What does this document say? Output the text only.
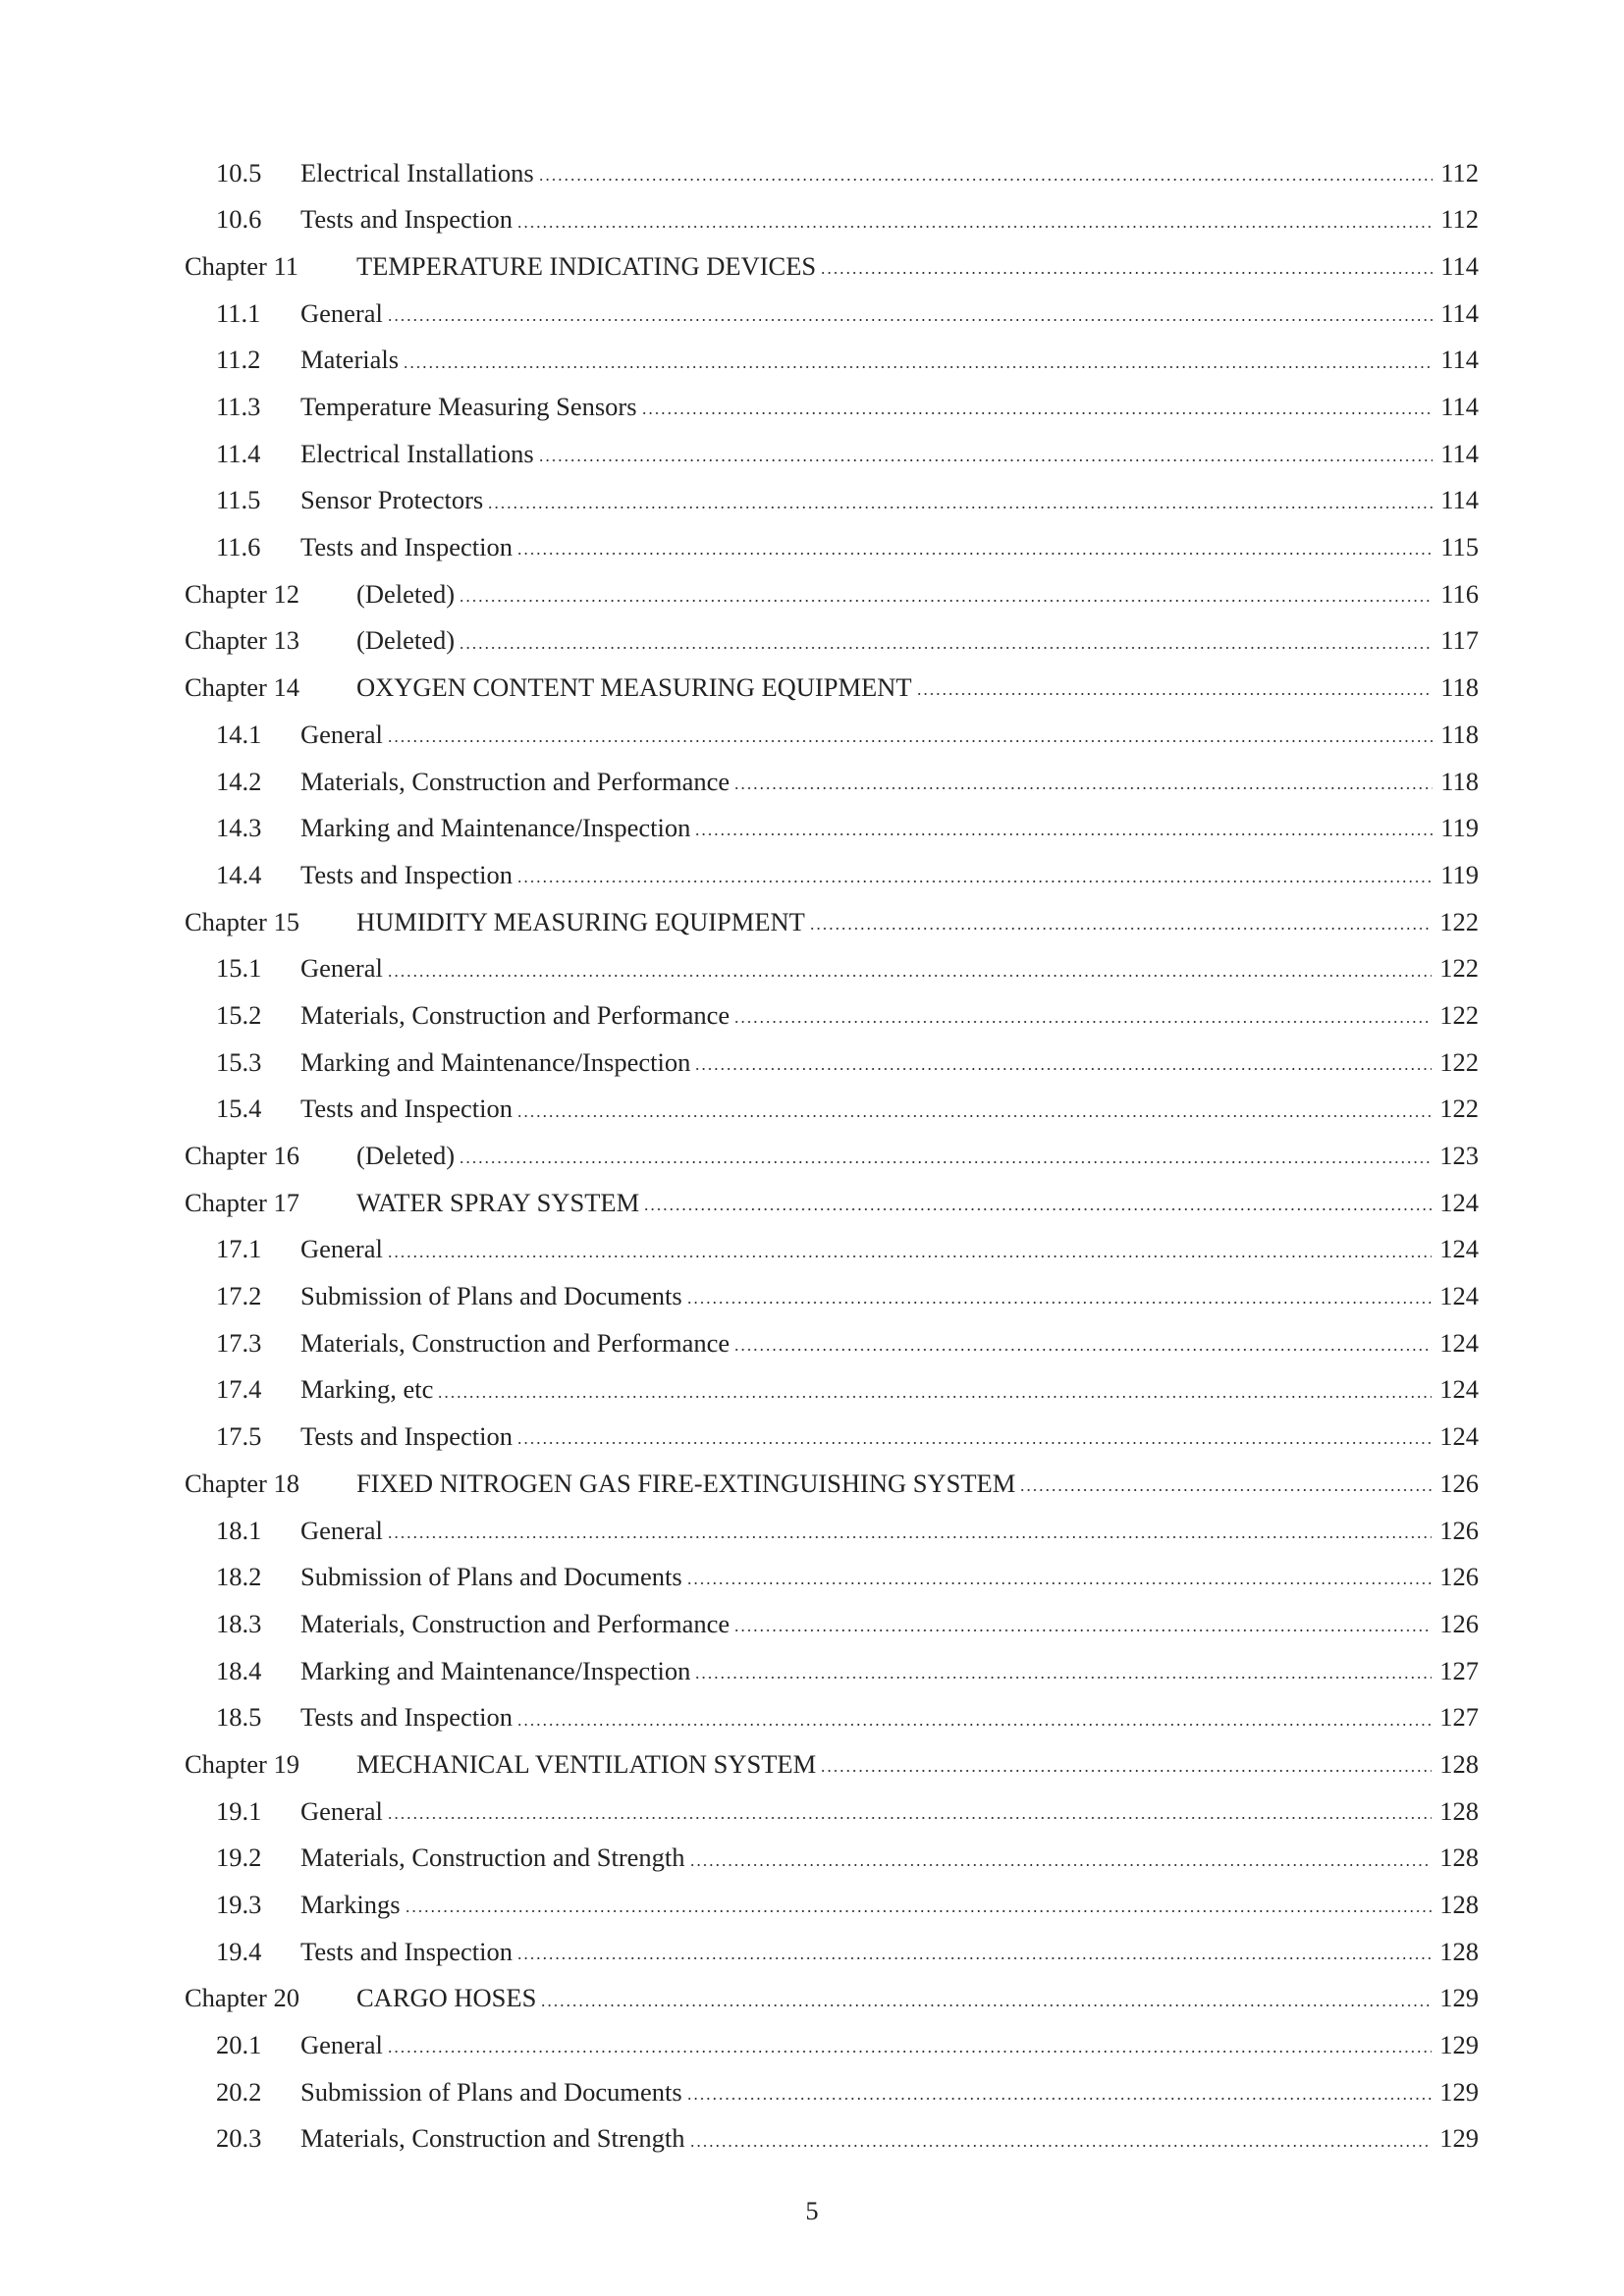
10.5	Electrical Installations	112
10.6	Tests and Inspection	112
Chapter 11	TEMPERATURE INDICATING DEVICES	114
11.1	General	114
11.2	Materials	114
11.3	Temperature Measuring Sensors	114
11.4	Electrical Installations	114
11.5	Sensor Protectors	114
11.6	Tests and Inspection	115
Chapter 12	(Deleted)	116
Chapter 13	(Deleted)	117
Chapter 14	OXYGEN CONTENT MEASURING EQUIPMENT	118
14.1	General	118
14.2	Materials, Construction and Performance	118
14.3	Marking and Maintenance/Inspection	119
14.4	Tests and Inspection	119
Chapter 15	HUMIDITY MEASURING EQUIPMENT	122
15.1	General	122
15.2	Materials, Construction and Performance	122
15.3	Marking and Maintenance/Inspection	122
15.4	Tests and Inspection	122
Chapter 16	(Deleted)	123
Chapter 17	WATER SPRAY SYSTEM	124
17.1	General	124
17.2	Submission of Plans and Documents	124
17.3	Materials, Construction and Performance	124
17.4	Marking, etc	124
17.5	Tests and Inspection	124
Chapter 18	FIXED NITROGEN GAS FIRE-EXTINGUISHING SYSTEM	126
18.1	General	126
18.2	Submission of Plans and Documents	126
18.3	Materials, Construction and Performance	126
18.4	Marking and Maintenance/Inspection	127
18.5	Tests and Inspection	127
Chapter 19	MECHANICAL VENTILATION SYSTEM	128
19.1	General	128
19.2	Materials, Construction and Strength	128
19.3	Markings	128
19.4	Tests and Inspection	128
Chapter 20	CARGO HOSES	129
20.1	General	129
20.2	Submission of Plans and Documents	129
20.3	Materials, Construction and Strength	129
5
